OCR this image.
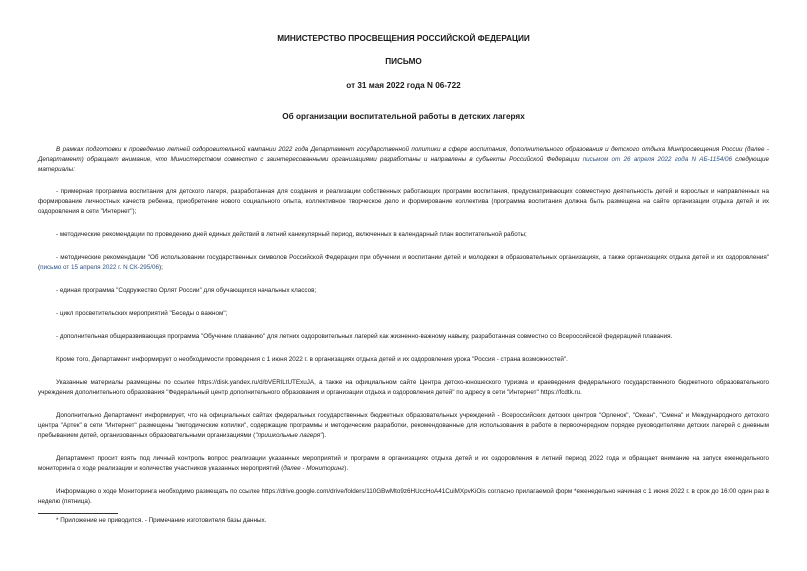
МИНИСТЕРСТВО ПРОСВЕЩЕНИЯ РОССИЙСКОЙ ФЕДЕРАЦИИ
ПИСЬМО
от 31 мая 2022 года N 06-722
Об организации воспитательной работы в детских лагерях

В рамках подготовки к проведению летней оздоровительной кампании 2022 года Департамент государственной политики в сфере воспитания, дополнительного образования и детского отдыха Минпросвещения России (далее - Департамент) обращает внимание, что Министерством совместно с заинтересованными организациями разработаны и направлены в субъекты Российской Федерации письмом от 26 апреля 2022 года N АБ-1154/06 следующие материалы:

- примерная программа воспитания для детского лагеря, разработанная для создания и реализации собственных работающих программ воспитания, предусматривающих совместную деятельность детей и взрослых и направленных на формирование личностных качеств ребенка, приобретение нового социального опыта, коллективное творческое дело и формирование коллектива (программа воспитания должна быть размещена на сайте организации отдыха детей и их оздоровления в сети "Интернет");

- методические рекомендации по проведению дней единых действий в летний каникулярный период, включенных в календарный план воспитательной работы;

- методические рекомендации "Об использовании государственных символов Российской Федерации при обучении и воспитании детей и молодежи в образовательных организациях, а также организациях отдыха детей и их оздоровления" (письмо от 15 апреля 2022 г. N СК-295/06);

- единая программа "Содружество Орлят России" для обучающихся начальных классов;

- цикл просветительских мероприятий "Беседы о важном";

- дополнительная общеразвивающая программа "Обучение плаванию" для летних оздоровительных лагерей как жизненно-важному навыку, разработанная совместно со Всероссийской федерацией плавания.

Кроме того, Департамент информирует о необходимости проведения с 1 июня 2022 г. в организациях отдыха детей и их оздоровления урока "Россия - страна возможностей".

Указанные материалы размещены по ссылке https://disk.yandex.ru/d/bVERlLtUTExuJA, а также на официальном сайте Центра детско-юношеского туризма и краеведения федерального государственного бюджетного образовательного учреждения дополнительного образования "Федеральный центр дополнительного образования и организации отдыха и оздоровления детей" по адресу в сети "Интернет" https://fcdtk.ru.

Дополнительно Департамент информирует, что на официальных сайтах федеральных государственных бюджетных образовательных учреждений - Всероссийских детских центров "Орленок", "Океан", "Смена" и Международного детского центра "Артек" в сети "Интернет" размещены "методические копилки", содержащие программы и методические разработки, рекомендованные для использования в работе в первоочередном порядке руководителями детских лагерей с дневным пребыванием детей, организованных образовательными организациями ("пришкольные лагеря").

Департамент просит взять под личный контроль вопрос реализации указанных мероприятий и программ в организациях отдыха детей и их оздоровления в летний период 2022 года и обращает внимание на запуск еженедельного мониторинга о ходе реализации и количестве участников указанных мероприятий (далее - Мониторинг).

Информацию о ходе Мониторинга необходимо размещать по ссылке https://drive.google.com/drive/folders/110GBwMto9z6HUccHoA41CuiMXpvKiOis согласно прилагаемой форм *еженедельно начиная с 1 июня 2022 г. в срок до 16:00 один раз в неделю (пятница).

* Приложение не приводится. - Примечание изготовителя базы данных.
